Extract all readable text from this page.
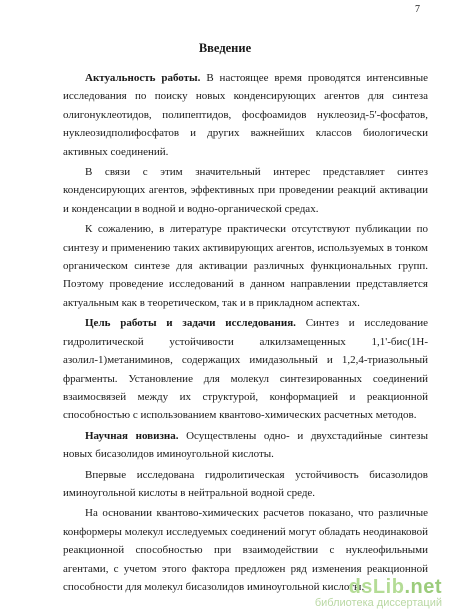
7
Введение

Актуальность работы. В настоящее время проводятся интенсивные исследования по поиску новых конденсирующих агентов для синтеза олигонуклеотидов, полипептидов, фосфоамидов нуклеозид-5'-фосфатов, нуклеозидполифосфатов и других важнейших классов биологически активных соединений.

В связи с этим значительный интерес представляет синтез конденсирующих агентов, эффективных при проведении реакций активации и конденсации в водной и водно-органической средах.

К сожалению, в литературе практически отсутствуют публикации по синтезу и применению таких активирующих агентов, используемых в тонком органическом синтезе для активации различных функциональных групп. Поэтому проведение исследований в данном направлении представляется актуальным как в теоретическом, так и в прикладном аспектах.

Цель работы и задачи исследования. Синтез и исследование гидролитической устойчивости алкилзамещенных 1,1'-бис(1Н-азолил-1)метаниминов, содержащих имидазольный и 1,2,4-триазольный фрагменты. Установление для молекул синтезированных соединений взаимосвязей между их структурой, конформацией и реакционной способностью с использованием квантово-химических расчетных методов.

Научная новизна. Осуществлены одно- и двухстадийные синтезы новых бисазолидов иминоугольной кислоты.

Впервые исследована гидролитическая устойчивость бисазолидов иминоугольной кислоты в нейтральной водной среде.

На основании квантово-химических расчетов показано, что различные конформеры молекул исследуемых соединений могут обладать неодинаковой реакционной способностью при взаимодействии с нуклеофильными агентами, с учетом этого фактора предложен ряд изменения реакционной способности для молекул бисазолидов иминоугольной кислоты.

dsLib.net
библиотека диссертаций
